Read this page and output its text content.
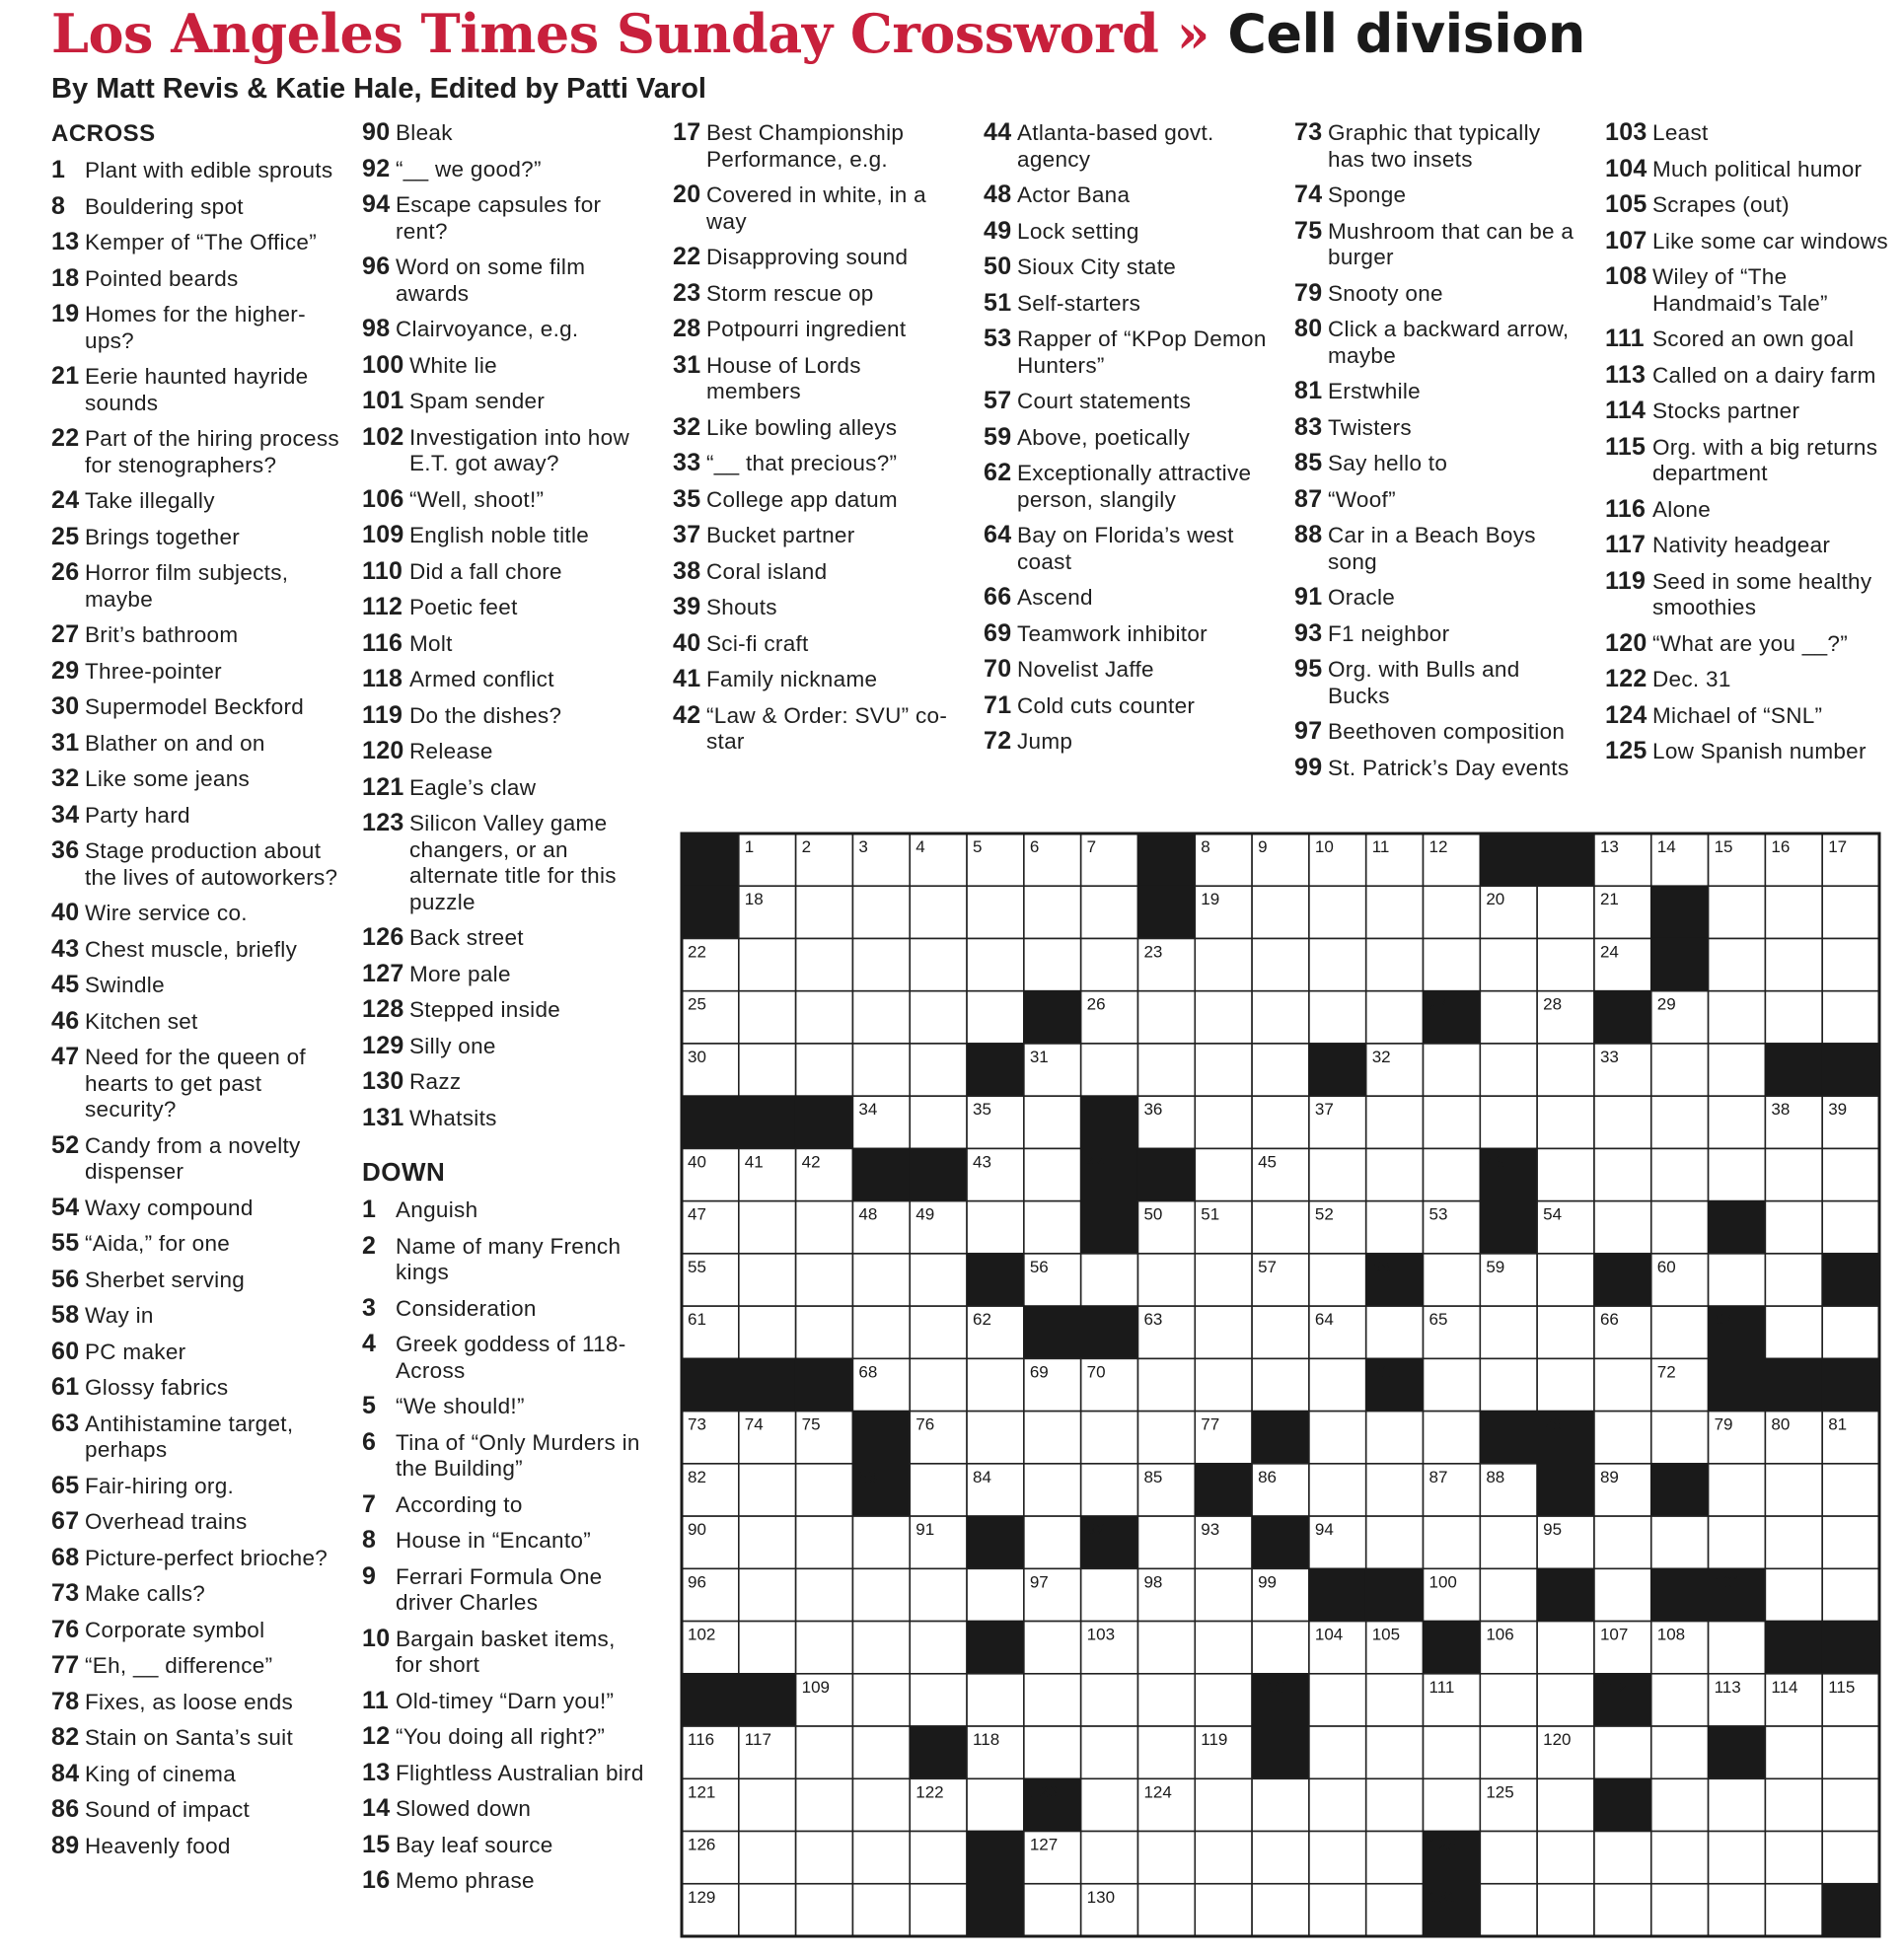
Los Angeles Times Sunday Crossword » Cell division
By Matt Revis & Katie Hale, Edited by Patti Varol
ACROSS
1 Plant with edible sprouts
8 Bouldering spot
13 Kemper of “The Office”
18 Pointed beards
19 Homes for the higher-ups?
21 Eerie haunted hayride sounds
22 Part of the hiring process for stenographers?
24 Take illegally
25 Brings together
26 Horror film subjects, maybe
27 Brit’s bathroom
29 Three-pointer
30 Supermodel Beckford
31 Blather on and on
32 Like some jeans
34 Party hard
36 Stage production about the lives of autoworkers?
40 Wire service co.
43 Chest muscle, briefly
45 Swindle
46 Kitchen set
47 Need for the queen of hearts to get past security?
52 Candy from a novelty dispenser
54 Waxy compound
55 “Aida,” for one
56 Sherbet serving
58 Way in
60 PC maker
61 Glossy fabrics
63 Antihistamine target, perhaps
65 Fair-hiring org.
67 Overhead trains
68 Picture-perfect brioche?
73 Make calls?
76 Corporate symbol
77 “Eh, __ difference”
78 Fixes, as loose ends
82 Stain on Santa’s suit
84 King of cinema
86 Sound of impact
89 Heavenly food
90 Bleak
92 “__ we good?”
94 Escape capsules for rent?
96 Word on some film awards
98 Clairvoyance, e.g.
100 White lie
101 Spam sender
102 Investigation into how E.T. got away?
106 “Well, shoot!”
109 English noble title
110 Did a fall chore
112 Poetic feet
116 Molt
118 Armed conflict
119 Do the dishes?
120 Release
121 Eagle’s claw
123 Silicon Valley game changers, or an alternate title for this puzzle
126 Back street
127 More pale
128 Stepped inside
129 Silly one
130 Razz
131 Whatsits
DOWN
1 Anguish
2 Name of many French kings
3 Consideration
4 Greek goddess of 118-Across
5 “We should!”
6 Tina of “Only Murders in the Building”
7 According to
8 House in “Encanto”
9 Ferrari Formula One driver Charles
10 Bargain basket items, for short
11 Old-timey “Darn you!”
12 “You doing all right?”
13 Flightless Australian bird
14 Slowed down
15 Bay leaf source
16 Memo phrase
17 Best Championship Performance, e.g.
20 Covered in white, in a way
22 Disapproving sound
23 Storm rescue op
28 Potpourri ingredient
31 House of Lords members
32 Like bowling alleys
33 “__ that precious?”
35 College app datum
37 Bucket partner
38 Coral island
39 Shouts
40 Sci-fi craft
41 Family nickname
42 “Law & Order: SVU” co-star
44 Atlanta-based govt. agency
48 Actor Bana
49 Lock setting
50 Sioux City state
51 Self-starters
53 Rapper of “KPop Demon Hunters”
57 Court statements
59 Above, poetically
62 Exceptionally attractive person, slangily
64 Bay on Florida’s west coast
66 Ascend
69 Teamwork inhibitor
70 Novelist Jaffe
71 Cold cuts counter
72 Jump
73 Graphic that typically has two insets
74 Sponge
75 Mushroom that can be a burger
79 Snooty one
80 Click a backward arrow, maybe
81 Erstwhile
83 Twisters
85 Say hello to
87 “Woof”
88 Car in a Beach Boys song
91 Oracle
93 F1 neighbor
95 Org. with Bulls and Bucks
97 Beethoven composition
99 St. Patrick’s Day events
103 Least
104 Much political humor
105 Scrapes (out)
107 Like some car windows
108 Wiley of “The Handmaid’s Tale”
111 Scored an own goal
113 Called on a dairy farm
114 Stocks partner
115 Org. with a big returns department
116 Alone
117 Nativity headgear
119 Seed in some healthy smoothies
120 “What are you __?”
122 Dec. 31
124 Michael of “SNL”
125 Low Spanish number
1	2	3	4	5	6	7	8	9	10 11 12	13 14 15 16 17
18	19	20	21
22	23	24
25	26	27	28	29
30	31	32	33
34	35	36	37	38 39
40 41 42	43	44	45	46
47	48 49	50 51	52	53	54
55	56	57	58	59	60
61	62	63	64	65	66	67
68	69 70	71	72
73 74 75	76	77	78	79 80 81
82	83	84	85	86	87 88	89
90	91	92	93	94	95
96	97	98	99	100	101
102	103	104 105	106	107 108
109	110	111	112	113 114 115
116 117	118	119	120
121	122	123	124	125
126	127	128
129	130	131
